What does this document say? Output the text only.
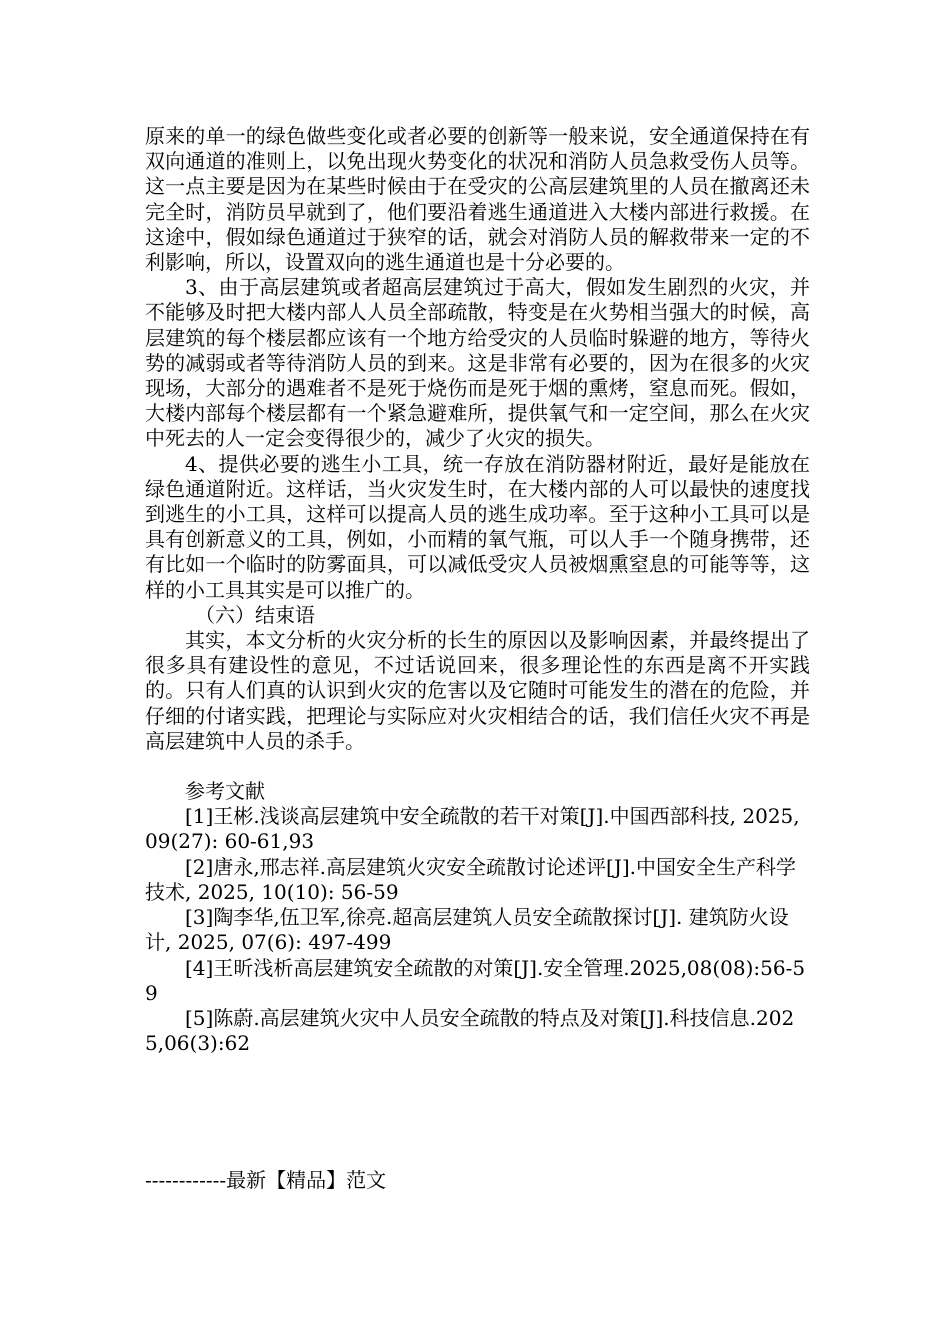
原来的单一的绿色做些变化或者必要的创新等一般来说，安全通道保持在有双向通道的准则上，以免出现火势变化的状况和消防人员急救受伤人员等。这一点主要是因为在某些时候由于在受灾的公高层建筑里的人员在撤离还未完全时，消防员早就到了，他们要沿着逃生通道进入大楼内部进行救援。在这途中，假如绿色通道过于狭窄的话，就会对消防人员的解救带来一定的不利影响，所以，设置双向的逃生通道也是十分必要的。

3、由于高层建筑或者超高层建筑过于高大，假如发生剧烈的火灾，并不能够及时把大楼内部人人员全部疏散，特变是在火势相当强大的时候，高层建筑的每个楼层都应该有一个地方给受灾的人员临时躲避的地方，等待火势的减弱或者等待消防人员的到来。这是非常有必要的，因为在很多的火灾现场，大部分的遇难者不是死于烧伤而是死于烟的熏烤，窒息而死。假如，大楼内部每个楼层都有一个紧急避难所，提供氧气和一定空间，那么在火灾中死去的人一定会变得很少的，减少了火灾的损失。

4、提供必要的逃生小工具，统一存放在消防器材附近，最好是能放在绿色通道附近。这样话，当火灾发生时，在大楼内部的人可以最快的速度找到逃生的小工具，这样可以提高人员的逃生成功率。至于这种小工具可以是具有创新意义的工具，例如，小而精的氧气瓶，可以人手一个随身携带，还有比如一个临时的防雾面具，可以减低受灾人员被烟熏窒息的可能等等，这样的小工具其实是可以推广的。

（六）结束语

其实，本文分析的火灾分析的长生的原因以及影响因素，并最终提出了很多具有建设性的意见，不过话说回来，很多理论性的东西是离不开实践的。只有人们真的认识到火灾的危害以及它随时可能发生的潜在的危险，并仔细的付诸实践，把理论与实际应对火灾相结合的话，我们信任火灾不再是高层建筑中人员的杀手。

参考文献

[1]王彬.浅谈高层建筑中安全疏散的若干对策[J].中国西部科技, 2025, 09(27): 60-61,93

[2]唐永,邢志祥.高层建筑火灾安全疏散讨论述评[J].中国安全生产科学技术, 2025, 10(10): 56-59

[3]陶李华,伍卫军,徐亮.超高层建筑人员安全疏散探讨[J]. 建筑防火设计, 2025, 07(6): 497-499

[4]王昕浅析高层建筑安全疏散的对策[J].安全管理.2025,08(08):56-59

[5]陈蔚.高层建筑火灾中人员安全疏散的特点及对策[J].科技信息.2025,06(3):62

------------最新【精品】范文
